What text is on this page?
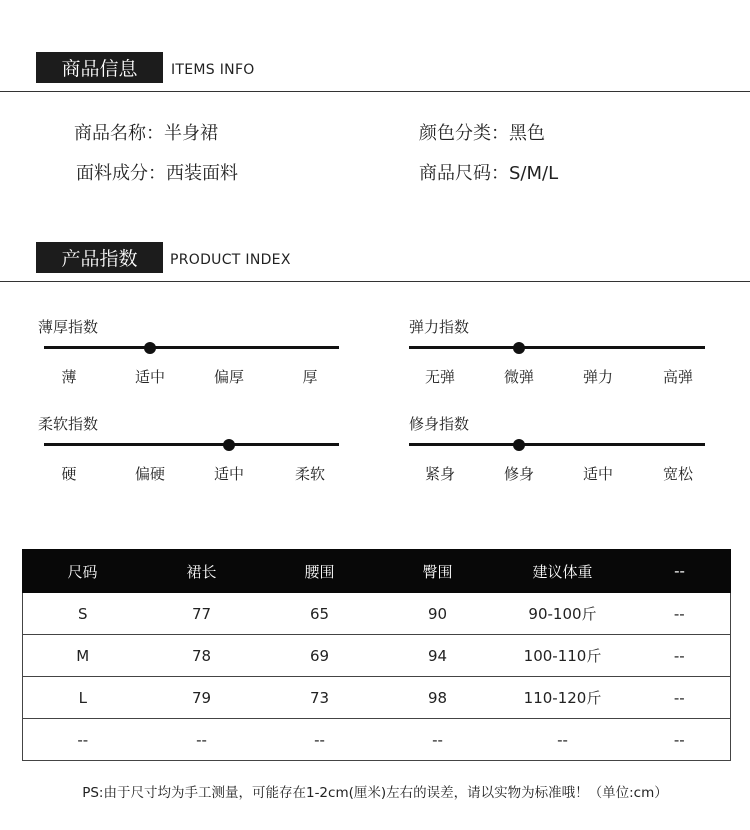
商品信息	ITEMS INFO
商品名称：半身裙	颜色分类：黑色
面料成分：西装面料	商品尺码：S/M/L
产品指数	PRODUCT INDEX
薄厚指数
薄	适中	偏厚	厚
弹力指数
无弹	微弹	弹力	高弹
柔软指数
硬	偏硬	适中	柔软
修身指数
紧身	修身	适中	宽松
尺码	裙长	腰围	臀围	建议体重	--
S	77	65	90	90-100斤	--
M	78	69	94	100-110斤	--
L	79	73	98	110-120斤	--
--	--	--	--	--	--
PS:由于尺寸均为手工测量，可能存在1-2cm(厘米)左右的误差，请以实物为标准哦！（单位:cm）
